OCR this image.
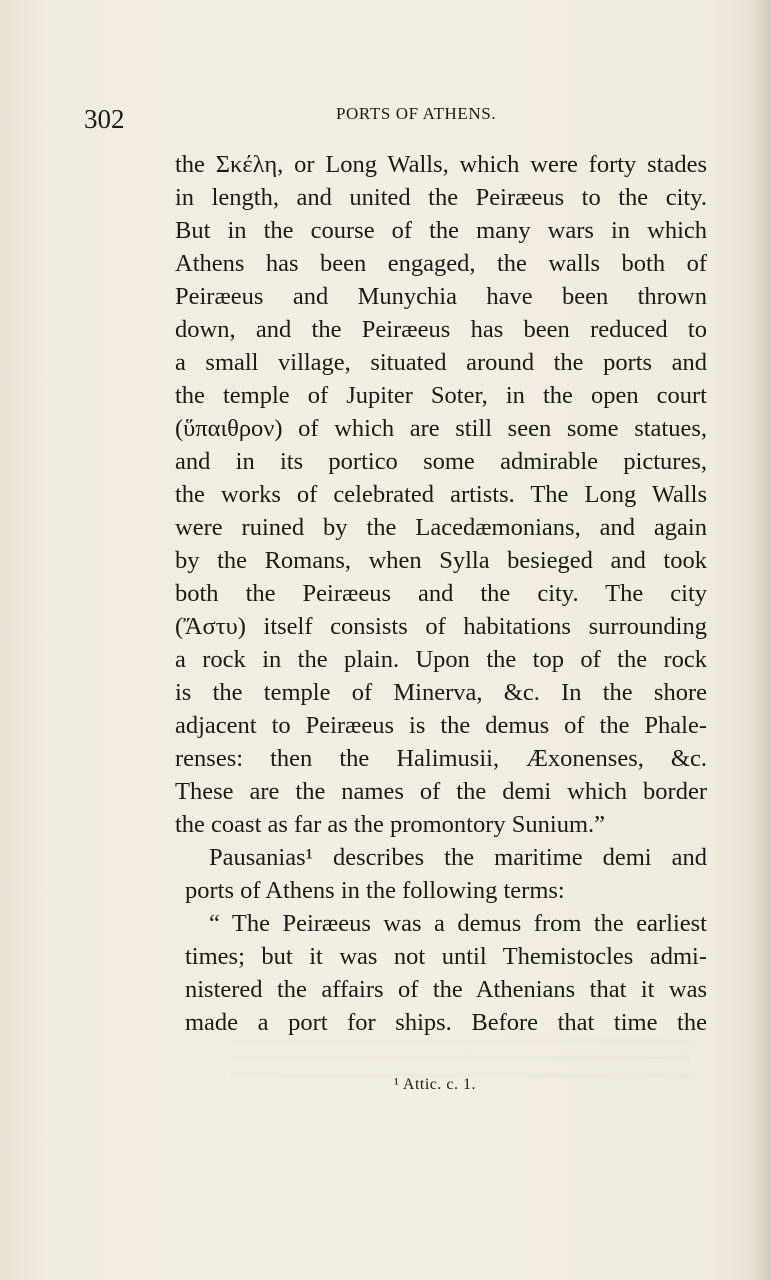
302	PORTS OF ATHENS.
the Σκέλη, or Long Walls, which were forty stades
in length, and united the Peiræeus to the city.
But in the course of the many wars in which
Athens has been engaged, the walls both of
Peiræeus and Munychia have been thrown
down, and the Peiræeus has been reduced to
a small village, situated around the ports and
the temple of Jupiter Soter, in the open court
(ὕπαιθρον) of which are still seen some statues,
and in its portico some admirable pictures,
the works of celebrated artists. The Long Walls
were ruined by the Lacedæmonians, and again
by the Romans, when Sylla besieged and took
both the Peiræeus and the city. The city
(Ἄστυ) itself consists of habitations surrounding
a rock in the plain. Upon the top of the rock
is the temple of Minerva, &c. In the shore
adjacent to Peiræeus is the demus of the Phale-
renses: then the Halimusii, Æxonenses, &c.
These are the names of the demi which border
the coast as far as the promontory Sunium.”
Pausanias¹ describes the maritime demi and
ports of Athens in the following terms:
“ The Peiræeus was a demus from the earliest
times; but it was not until Themistocles admi-
nistered the affairs of the Athenians that it was
made a port for ships. Before that time the
¹ Attic. c. 1.
